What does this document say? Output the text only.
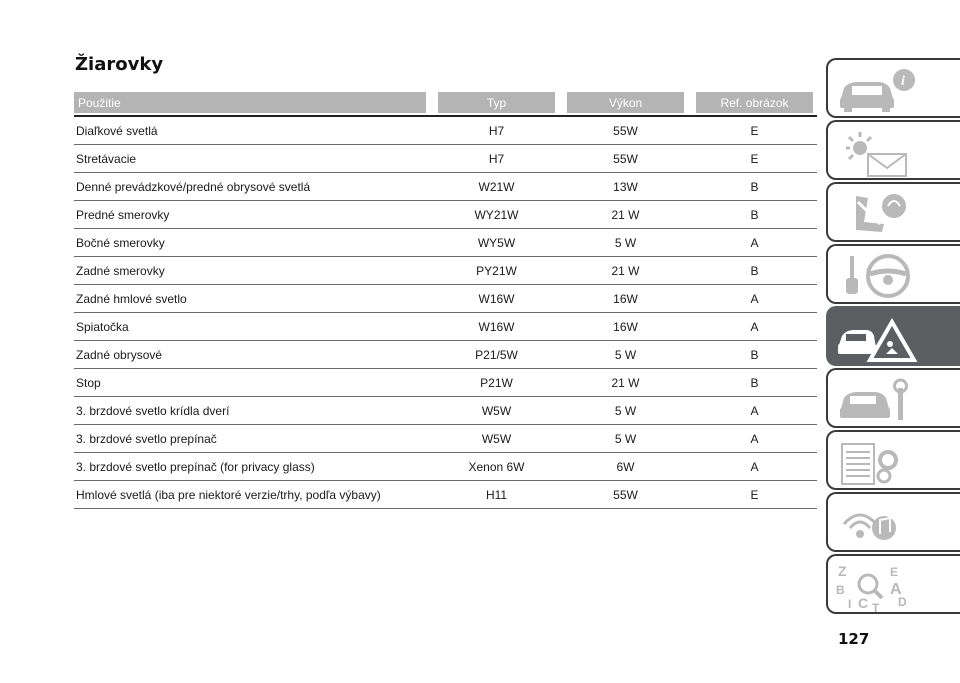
Žiarovky
Použitie	Typ	Výkon	Ref. obrázok
Diaľkové svetlá	H7	55W	E
Stretávacie	H7	55W	E
Denné prevádzkové/predné obrysové svetlá	W21W	13W	B
Predné smerovky	WY21W	21 W	B
Bočné smerovky	WY5W	5 W	A
Zadné smerovky	PY21W	21 W	B
Zadné hmlové svetlo	W16W	16W	A
Spiatočka	W16W	16W	A
Zadné obrysové	P21/5W	5 W	B
Stop	P21W	21 W	B
3. brzdové svetlo krídla dverí	W5W	5 W	A
3. brzdové svetlo prepínač	W5W	5 W	A
3. brzdové svetlo prepínač (for privacy glass)	Xenon 6W	6W	A
Hmlové svetlá (iba pre niektoré verzie/trhy, podľa výbavy)	H11	55W	E
i
Z	E
B	A
I C T D
127
